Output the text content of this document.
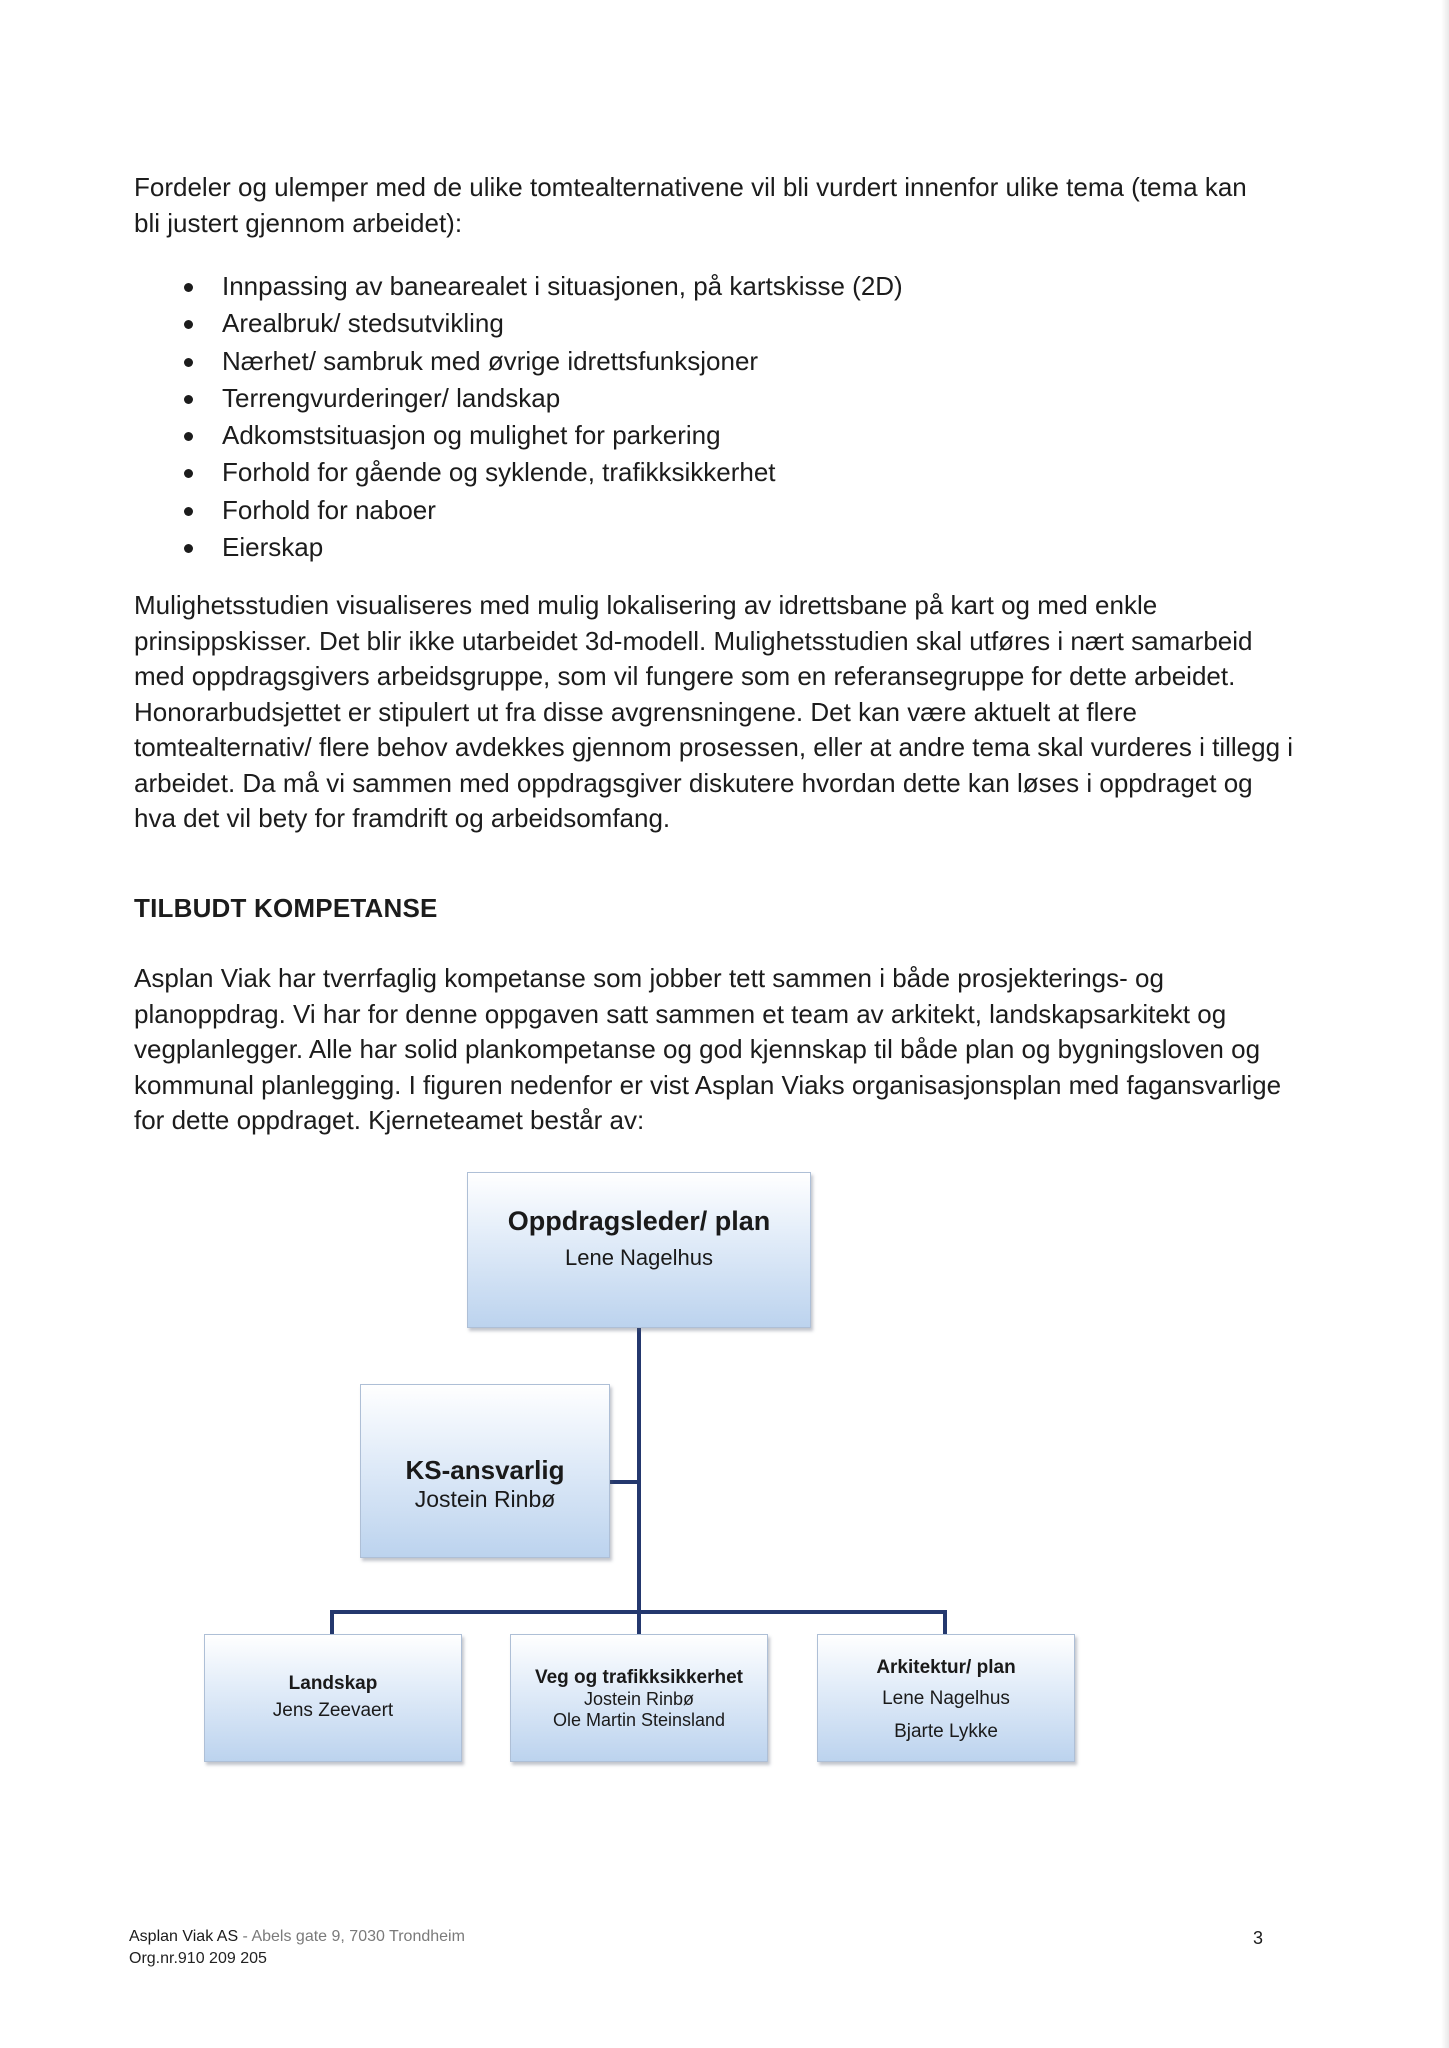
Fordeler og ulemper med de ulike tomtealternativene vil bli vurdert innenfor ulike tema (tema kan bli justert gjennom arbeidet):

Innpassing av banearealet i situasjonen, på kartskisse (2D)
Arealbruk/ stedsutvikling
Nærhet/ sambruk med øvrige idrettsfunksjoner
Terrengvurderinger/ landskap
Adkomstsituasjon og mulighet for parkering
Forhold for gående og syklende, trafikksikkerhet
Forhold for naboer
Eierskap

Mulighetsstudien visualiseres med mulig lokalisering av idrettsbane på kart og med enkle prinsippskisser. Det blir ikke utarbeidet 3d-modell. Mulighetsstudien skal utføres i nært samarbeid med oppdragsgivers arbeidsgruppe, som vil fungere som en referansegruppe for dette arbeidet. Honorarbudsjettet er stipulert ut fra disse avgrensningene. Det kan være aktuelt at flere tomtealternativ/ flere behov avdekkes gjennom prosessen, eller at andre tema skal vurderes i tillegg i arbeidet. Da må vi sammen med oppdragsgiver diskutere hvordan dette kan løses i oppdraget og hva det vil bety for framdrift og arbeidsomfang.

TILBUDT KOMPETANSE

Asplan Viak har tverrfaglig kompetanse som jobber tett sammen i både prosjekterings- og planoppdrag. Vi har for denne oppgaven satt sammen et team av arkitekt, landskapsarkitekt og vegplanlegger. Alle har solid plankompetanse og god kjennskap til både plan og bygningsloven og kommunal planlegging. I figuren nedenfor er vist Asplan Viaks organisasjonsplan med fagansvarlige for dette oppdraget. Kjerneteamet består av:

Oppdragsleder/ plan
Lene Nagelhus
KS-ansvarlig
Jostein Rinbø
Landskap
Jens Zeevaert
Veg og trafikksikkerhet
Jostein Rinbø
Ole Martin Steinsland
Arkitektur/ plan
Lene Nagelhus
Bjarte Lykke
Asplan Viak AS - Abels gate 9, 7030 Trondheim
Org.nr.910 209 205
3
